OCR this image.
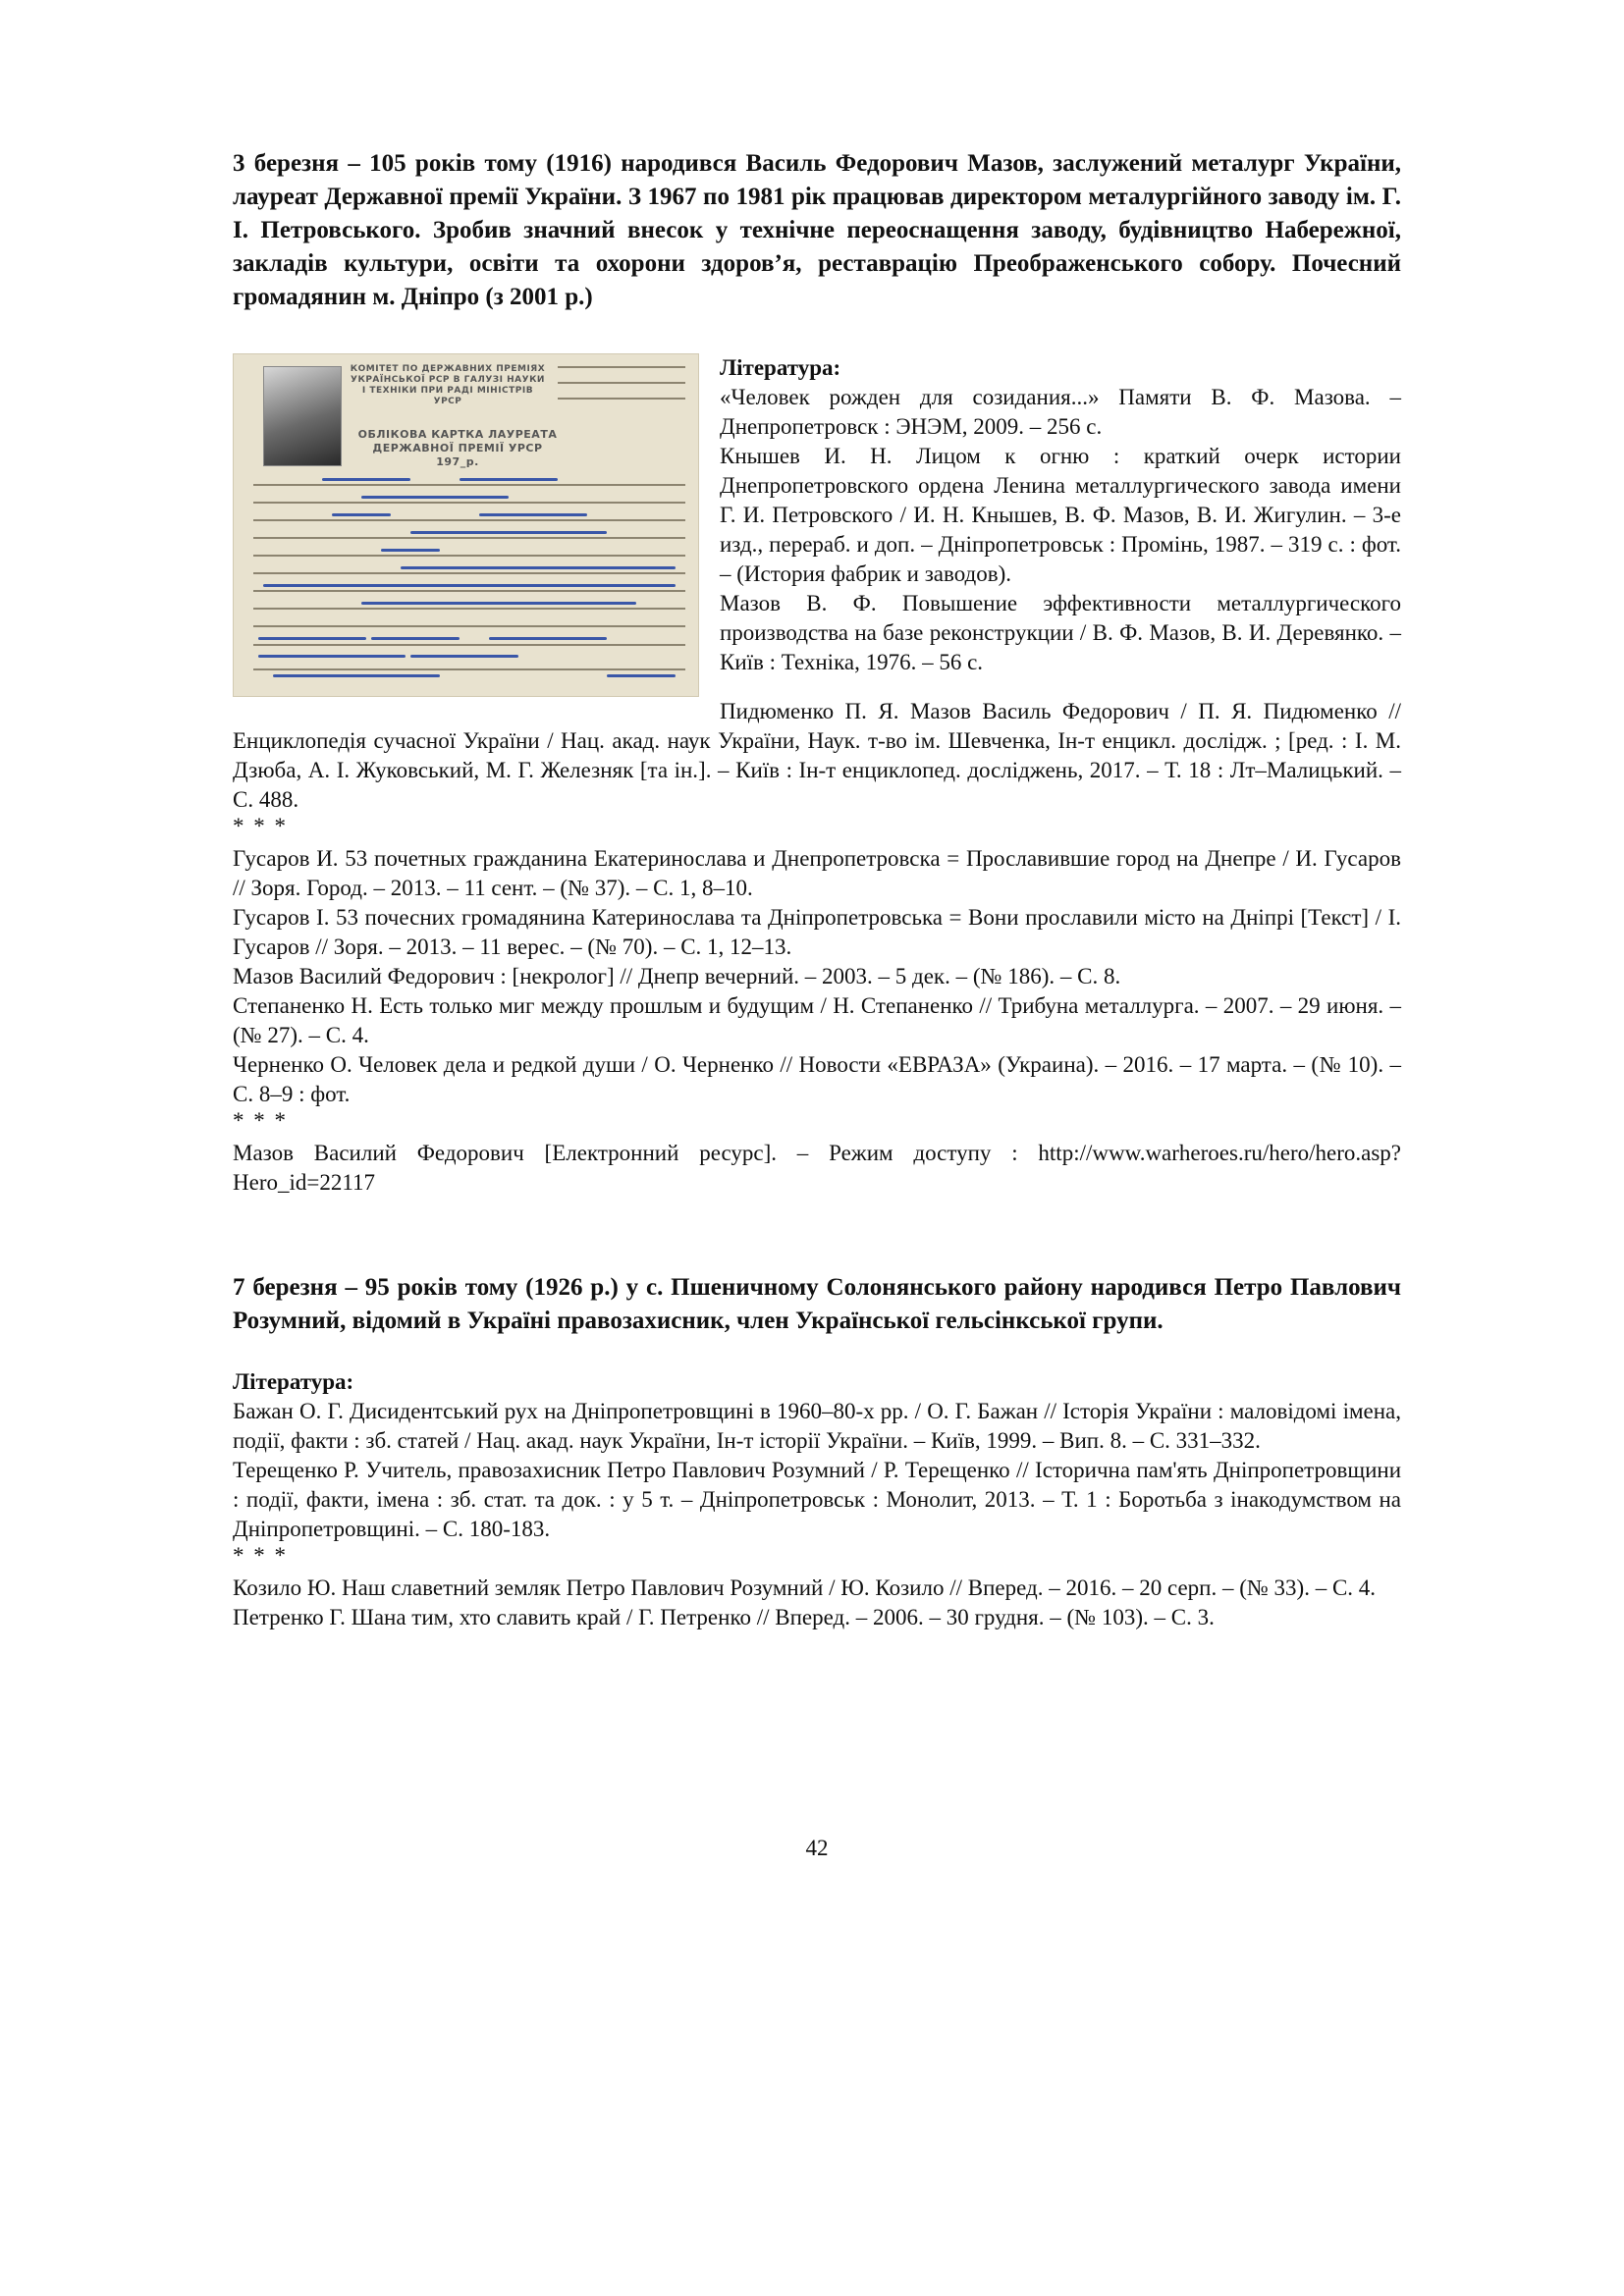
3 березня – 105 років тому (1916) народився Василь Федорович Мазов, заслужений металург України, лауреат Державної премії України. З 1967 по 1981 рік працював директором металургійного заводу ім. Г. І. Петровського. Зробив значний внесок у технічне переоснащення заводу, будівництво Набережної, закладів культури, освіти та охорони здоров’я, реставрацію Преображенського собору. Почесний громадянин м. Дніпро (з 2001 р.)

КОМІТЕТ ПО ДЕРЖАВНИХ ПРЕМІЯХ УКРАЇНСЬКОЇ РСР В ГАЛУЗІ НАУКИ І ТЕХНІКИ ПРИ РАДІ МІНІСТРІВ УРСР
ОБЛІКОВА КАРТКА ЛАУРЕАТА ДЕРЖАВНОЇ ПРЕМІЇ УРСР 197_р.

Література:

«Человек рожден для созидания...» Памяти В. Ф. Мазова. – Днепропетровск : ЭНЭМ, 2009. – 256 с.

Кнышев И. Н. Лицом к огню : краткий очерк истории Днепропетровского ордена Ленина металлургического завода имени Г. И. Петровского / И. Н. Кнышев, В. Ф. Мазов, В. И. Жигулин. – 3-е изд., перераб. и доп. – Дніпропетровськ : Промінь, 1987. – 319 с. : фот. – (История фабрик и заводов).

Мазов В. Ф. Повышение эффективности металлургического производства на базе реконструкции / В. Ф. Мазов, В. И. Деревянко. – Київ : Техніка, 1976. – 56 с.

Пидюменко П. Я. Мазов Василь Федорович / П. Я. Пидюменко // Енциклопедія сучасної України / Нац. акад. наук України, Наук. т-во ім. Шевченка, Ін-т енцикл. дослідж. ; [ред. : І. М. Дзюба, А. І. Жуковський, М. Г. Железняк [та ін.]. – Київ : Ін-т енциклопед. досліджень, 2017. – Т. 18 : Лт–Малицький. – С. 488.

* * *

Гусаров И. 53 почетных гражданина Екатеринослава и Днепропетровска = Прославившие город на Днепре / И. Гусаров // Зоря. Город. – 2013. – 11 сент. – (№ 37). – С. 1, 8–10.

Гусаров І. 53 почесних громадянина Катеринослава та Дніпропетровська = Вони прославили місто на Дніпрі [Текст] / І. Гусаров // Зоря. – 2013. – 11 верес. – (№ 70). – С. 1, 12–13.

Мазов Василий Федорович : [некролог] // Днепр вечерний. – 2003. – 5 дек. – (№ 186). – С. 8.

Степаненко Н. Есть только миг между прошлым и будущим / Н. Степаненко // Трибуна металлурга. – 2007. – 29 июня. – (№ 27). – С. 4.

Черненко О. Человек дела и редкой души / О. Черненко // Новости «ЕВРАЗА» (Украина). – 2016. – 17 марта. – (№ 10). – С. 8–9 : фот.

* * *

Мазов Василий Федорович [Електронний ресурс]. – Режим доступу : http://www.warheroes.ru/hero/hero.asp?Hero_id=22117

7 березня – 95 років тому (1926 р.) у с. Пшеничному Солонянського району народився Петро Павлович Розумний, відомий в Україні правозахисник, член Української гельсінкської групи.

Література:

Бажан О. Г. Дисидентський рух на Дніпропетровщині в 1960–80-х рр. / О. Г. Бажан // Історія України : маловідомі імена, події, факти : зб. статей / Нац. акад. наук України, Ін-т історії України. – Київ, 1999. – Вип. 8. – С. 331–332.

Терещенко Р. Учитель, правозахисник Петро Павлович Розумний / Р. Терещенко // Історична пам'ять Дніпропетровщини : події, факти, імена : зб. стат. та док. : у 5 т. – Дніпропетровськ : Монолит, 2013. – Т. 1 : Боротьба з інакодумством на Дніпропетровщині. – С. 180-183.

* * *

Козило Ю. Наш славетний земляк Петро Павлович Розумний / Ю. Козило // Вперед. – 2016. – 20 серп. – (№ 33). – С. 4.

Петренко Г. Шана тим, хто славить край / Г. Петренко // Вперед. – 2006. – 30 грудня. – (№ 103). – С. 3.

42
